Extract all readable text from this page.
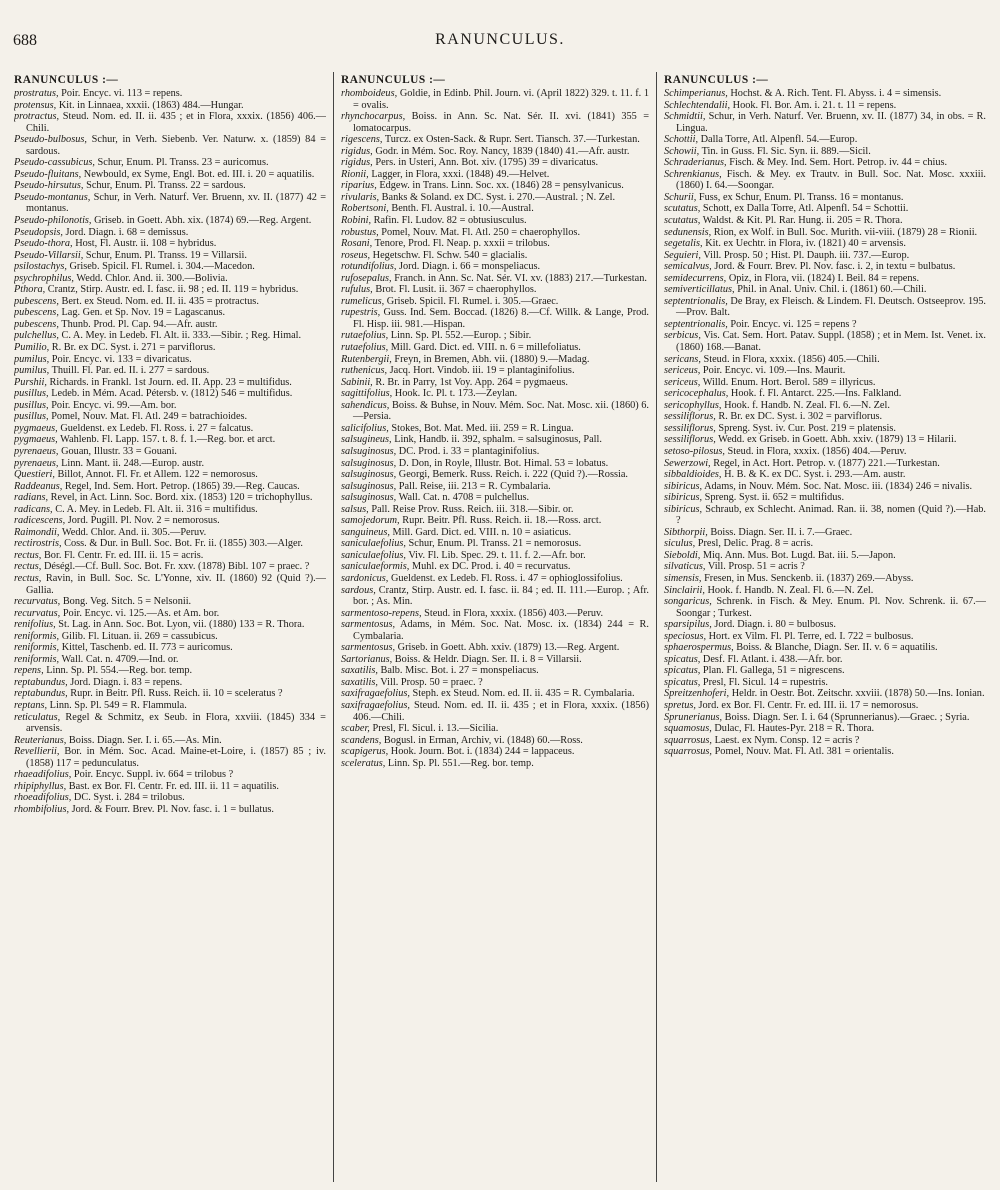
688	RANUNCULUS.
RANUNCULUS :—
prostratus, Poir. Encyc. vi. 113 = repens.
protensus, Kit. in Linnaea, xxxii. (1863) 484.—Hungar.
protractus, Steud. Nom. ed. II. ii. 435 ; et in Flora, xxxix. (1856) 406.—Chili.
Pseudo-bulbosus, Schur, in Verh. Siebenb. Ver. Naturw. x. (1859) 84 = sardous.
Pseudo-cassubicus, Schur, Enum. Pl. Transs. 23 = auricomus.
Pseudo-fluitans, Newbould, ex Syme, Engl. Bot. ed. III. i. 20 = aquatilis.
Pseudo-hirsutus, Schur, Enum. Pl. Transs. 22 = sardous.
Pseudo-montanus, Schur, in Verh. Naturf. Ver. Bruenn, xv. II. (1877) 42 = montanus.
Pseudo-philonotis, Griseb. in Goett. Abh. xix. (1874) 69.—Reg. Argent.
Pseudopsis, Jord. Diagn. i. 68 = demissus.
Pseudo-thora, Host, Fl. Austr. ii. 108 = hybridus.
Pseudo-Villarsii, Schur, Enum. Pl. Transs. 19 = Villarsii.
psilostachys, Griseb. Spicil. Fl. Rumel. i. 304.—Macedon.
psychrophilus, Wedd. Chlor. And. ii. 300.—Bolivia.
Pthora, Crantz, Stirp. Austr. ed. I. fasc. ii. 98 ; ed. II. 119 = hybridus.
pubescens, Bert. ex Steud. Nom. ed. II. ii. 435 = protractus.
pubescens, Lag. Gen. et Sp. Nov. 19 = Lagascanus.
pubescens, Thunb. Prod. Pl. Cap. 94.—Afr. austr.
pulchellus, C. A. Mey. in Ledeb. Fl. Alt. ii. 333.—Sibir. ; Reg. Himal.
Pumilio, R. Br. ex DC. Syst. i. 271 = parviflorus.
pumilus, Poir. Encyc. vi. 133 = divaricatus.
pumilus, Thuill. Fl. Par. ed. II. i. 277 = sardous.
Purshii, Richards. in Frankl. 1st Journ. ed. II. App. 23 = multifidus.
pusillus, Ledeb. in Mém. Acad. Pétersb. v. (1812) 546 = multifidus.
pusillus, Poir. Encyc. vi. 99.—Am. bor.
pusillus, Pomel, Nouv. Mat. Fl. Atl. 249 = batrachioides.
pygmaeus, Gueldenst. ex Ledeb. Fl. Ross. i. 27 = falcatus.
pygmaeus, Wahlenb. Fl. Lapp. 157. t. 8. f. 1.—Reg. bor. et arct.
pyrenaeus, Gouan, Illustr. 33 = Gouani.
pyrenaeus, Linn. Mant. ii. 248.—Europ. austr.
Questieri, Billot, Annot. Fl. Fr. et Allem. 122 = nemorosus.
Raddeanus, Regel, Ind. Sem. Hort. Petrop. (1865) 39.—Reg. Caucas.
radians, Revel, in Act. Linn. Soc. Bord. xix. (1853) 120 = trichophyllus.
radicans, C. A. Mey. in Ledeb. Fl. Alt. ii. 316 = multifidus.
radicescens, Jord. Pugill. Pl. Nov. 2 = nemorosus.
Raimondii, Wedd. Chlor. And. ii. 305.—Peruv.
rectirostris, Coss. & Dur. in Bull. Soc. Bot. Fr. ii. (1855) 303.—Alger.
rectus, Bor. Fl. Centr. Fr. ed. III. ii. 15 = acris.
rectus, Déségl.—Cf. Bull. Soc. Bot. Fr. xxv. (1878) Bibl. 107 = praec. ?
rectus, Ravin, in Bull. Soc. Sc. L'Yonne, xiv. II. (1860) 92 (Quid ?).—Gallia.
recurvatus, Bong. Veg. Sitch. 5 = Nelsonii.
recurvatus, Poir. Encyc. vi. 125.—As. et Am. bor.
renifolius, St. Lag. in Ann. Soc. Bot. Lyon, vii. (1880) 133 = R. Thora.
reniformis, Gilib. Fl. Lituan. ii. 269 = cassubicus.
reniformis, Kittel, Taschenb. ed. II. 773 = auricomus.
reniformis, Wall. Cat. n. 4709.—Ind. or.
repens, Linn. Sp. Pl. 554.—Reg. bor. temp.
reptabundus, Jord. Diagn. i. 83 = repens.
reptabundus, Rupr. in Beitr. Pfl. Russ. Reich. ii. 10 = sceleratus ?
reptans, Linn. Sp. Pl. 549 = R. Flammula.
reticulatus, Regel & Schmitz, ex Seub. in Flora, xxviii. (1845) 334 = arvensis.
Reuterianus, Boiss. Diagn. Ser. I. i. 65.—As. Min.
Revellierii, Bor. in Mém. Soc. Acad. Maine-et-Loire, i. (1857) 85 ; iv. (1858) 117 = pedunculatus.
rhaeadifolius, Poir. Encyc. Suppl. iv. 664 = trilobus ?
rhipiphyllus, Bast. ex Bor. Fl. Centr. Fr. ed. III. ii. 11 = aquatilis.
rhoeadifolius, DC. Syst. i. 284 = trilobus.
rhombifolius, Jord. & Fourr. Brev. Pl. Nov. fasc. i. 1 = bullatus.
RANUNCULUS :—
rhomboideus, Goldie, in Edinb. Phil. Journ. vi. (April 1822) 329. t. 11. f. 1 = ovalis.
rhynchocarpus, Boiss. in Ann. Sc. Nat. Sér. II. xvi. (1841) 355 = lomatocarpus.
rigescens, Turcz. ex Osten-Sack. & Rupr. Sert. Tiansch. 37.—Turkestan.
rigidus, Godr. in Mém. Soc. Roy. Nancy, 1839 (1840) 41.—Afr. austr.
rigidus, Pers. in Usteri, Ann. Bot. xiv. (1795) 39 = divaricatus.
Rionii, Lagger, in Flora, xxxi. (1848) 49.—Helvet.
riparius, Edgew. in Trans. Linn. Soc. xx. (1846) 28 = pensylvanicus.
rivularis, Banks & Soland. ex DC. Syst. i. 270.—Austral. ; N. Zel.
Robertsoni, Benth. Fl. Austral. i. 10.—Austral.
Robini, Rafin. Fl. Ludov. 82 = obtusiusculus.
robustus, Pomel, Nouv. Mat. Fl. Atl. 250 = chaerophyllos.
Rosani, Tenore, Prod. Fl. Neap. p. xxxii = trilobus.
roseus, Hegetschw. Fl. Schw. 540 = glacialis.
rotundifolius, Jord. Diagn. i. 66 = monspeliacus.
rufosepalus, Franch. in Ann. Sc. Nat. Sér. VI. xv. (1883) 217.—Turkestan.
rufulus, Brot. Fl. Lusit. ii. 367 = chaerophyllos.
rumelicus, Griseb. Spicil. Fl. Rumel. i. 305.—Graec.
rupestris, Guss. Ind. Sem. Boccad. (1826) 8.—Cf. Willk. & Lange, Prod. Fl. Hisp. iii. 981.—Hispan.
rutaefolius, Linn. Sp. Pl. 552.—Europ. ; Sibir.
rutaefolius, Mill. Gard. Dict. ed. VIII. n. 6 = millefoliatus.
Rutenbergii, Freyn, in Bremen, Abh. vii. (1880) 9.—Madag.
ruthenicus, Jacq. Hort. Vindob. iii. 19 = plantaginifolius.
Sabinii, R. Br. in Parry, 1st Voy. App. 264 = pygmaeus.
sagittifolius, Hook. Ic. Pl. t. 173.—Zeylan.
sahendicus, Boiss. & Buhse, in Nouv. Mém. Soc. Nat. Mosc. xii. (1860) 6.—Persia.
salicifolius, Stokes, Bot. Mat. Med. iii. 259 = R. Lingua.
salsugineus, Link, Handb. ii. 392, sphalm. = salsuginosus, Pall.
salsuginosus, DC. Prod. i. 33 = plantaginifolius.
salsuginosus, D. Don, in Royle, Illustr. Bot. Himal. 53 = lobatus.
salsuginosus, Georgi, Bemerk. Russ. Reich. i. 222 (Quid ?).—Rossia.
salsuginosus, Pall. Reise, iii. 213 = R. Cymbalaria.
salsuginosus, Wall. Cat. n. 4708 = pulchellus.
salsus, Pall. Reise Prov. Russ. Reich. iii. 318.—Sibir. or.
samojedorum, Rupr. Beitr. Pfl. Russ. Reich. ii. 18.—Ross. arct.
sanguineus, Mill. Gard. Dict. ed. VIII. n. 10 = asiaticus.
saniculaefolius, Schur, Enum. Pl. Transs. 21 = nemorosus.
saniculaefolius, Viv. Fl. Lib. Spec. 29. t. 11. f. 2.—Afr. bor.
saniculaeformis, Muhl. ex DC. Prod. i. 40 = recurvatus.
sardonicus, Gueldenst. ex Ledeb. Fl. Ross. i. 47 = ophioglossifolius.
sardous, Crantz, Stirp. Austr. ed. I. fasc. ii. 84 ; ed. II. 111.—Europ. ; Afr. bor. ; As. Min.
sarmentoso-repens, Steud. in Flora, xxxix. (1856) 403.—Peruv.
sarmentosus, Adams, in Mém. Soc. Nat. Mosc. ix. (1834) 244 = R. Cymbalaria.
sarmentosus, Griseb. in Goett. Abh. xxiv. (1879) 13.—Reg. Argent.
Sartorianus, Boiss. & Heldr. Diagn. Ser. II. i. 8 = Villarsii.
saxatilis, Balb. Misc. Bot. i. 27 = monspeliacus.
saxatilis, Vill. Prosp. 50 = praec. ?
saxifragaefolius, Steph. ex Steud. Nom. ed. II. ii. 435 = R. Cymbalaria.
saxifragaefolius, Steud. Nom. ed. II. ii. 435 ; et in Flora, xxxix. (1856) 406.—Chili.
scaber, Presl, Fl. Sicul. i. 13.—Sicilia.
scandens, Bogusl. in Erman, Archiv, vi. (1848) 60.—Ross.
scapigerus, Hook. Journ. Bot. i. (1834) 244 = lappaceus.
sceleratus, Linn. Sp. Pl. 551.—Reg. bor. temp.
RANUNCULUS :—
Schimperianus, Hochst. & A. Rich. Tent. Fl. Abyss. i. 4 = simensis.
Schlechtendalii, Hook. Fl. Bor. Am. i. 21. t. 11 = repens.
Schmidtii, Schur, in Verh. Naturf. Ver. Bruenn, xv. II. (1877) 34, in obs. = R. Lingua.
Schottii, Dalla Torre, Atl. Alpenfl. 54.—Europ.
Schowii, Tin. in Guss. Fl. Sic. Syn. ii. 889.—Sicil.
Schraderianus, Fisch. & Mey. Ind. Sem. Hort. Petrop. iv. 44 = chius.
Schrenkianus, Fisch. & Mey. ex Trautv. in Bull. Soc. Nat. Mosc. xxxiii. (1860) I. 64.—Soongar.
Schurii, Fuss, ex Schur, Enum. Pl. Transs. 16 = montanus.
scutatus, Schott, ex Dalla Torre, Atl. Alpenfl. 54 = Schottii.
scutatus, Waldst. & Kit. Pl. Rar. Hung. ii. 205 = R. Thora.
sedunensis, Rion, ex Wolf. in Bull. Soc. Murith. vii-viii. (1879) 28 = Rionii.
segetalis, Kit. ex Uechtr. in Flora, iv. (1821) 40 = arvensis.
Seguieri, Vill. Prosp. 50 ; Hist. Pl. Dauph. iii. 737.—Europ.
semicalvus, Jord. & Fourr. Brev. Pl. Nov. fasc. i. 2, in textu = bulbatus.
semidecurrens, Opiz, in Flora, vii. (1824) I. Beil. 84 = repens.
semiverticillatus, Phil. in Anal. Univ. Chil. i. (1861) 60.—Chili.
septentrionalis, De Bray, ex Fleisch. & Lindem. Fl. Deutsch. Ostseeprov. 195.—Prov. Balt.
septentrionalis, Poir. Encyc. vi. 125 = repens ?
serbicus, Vis. Cat. Sem. Hort. Patav. Suppl. (1858) ; et in Mem. Ist. Venet. ix. (1860) 168.—Banat.
sericans, Steud. in Flora, xxxix. (1856) 405.—Chili.
sericeus, Poir. Encyc. vi. 109.—Ins. Maurit.
sericeus, Willd. Enum. Hort. Berol. 589 = illyricus.
sericocephalus, Hook. f. Fl. Antarct. 225.—Ins. Falkland.
sericophyllus, Hook. f. Handb. N. Zeal. Fl. 6.—N. Zel.
sessiliflorus, R. Br. ex DC. Syst. i. 302 = parviflorus.
sessiliflorus, Spreng. Syst. iv. Cur. Post. 219 = platensis.
sessiliflorus, Wedd. ex Griseb. in Goett. Abh. xxiv. (1879) 13 = Hilarii.
setoso-pilosus, Steud. in Flora, xxxix. (1856) 404.—Peruv.
Sewerzowi, Regel, in Act. Hort. Petrop. v. (1877) 221.—Turkestan.
sibbaldioides, H. B. & K. ex DC. Syst. i. 293.—Am. austr.
sibiricus, Adams, in Nouv. Mém. Soc. Nat. Mosc. iii. (1834) 246 = nivalis.
sibiricus, Spreng. Syst. ii. 652 = multifidus.
sibiricus, Schraub, ex Schlecht. Animad. Ran. ii. 38, nomen (Quid ?).—Hab. ?
Sibthorpii, Boiss. Diagn. Ser. II. i. 7.—Graec.
siculus, Presl, Delic. Prag. 8 = acris.
Sieboldi, Miq. Ann. Mus. Bot. Lugd. Bat. iii. 5.—Japon.
silvaticus, Vill. Prosp. 51 = acris ?
simensis, Fresen, in Mus. Senckenb. ii. (1837) 269.—Abyss.
Sinclairii, Hook. f. Handb. N. Zeal. Fl. 6.—N. Zel.
songaricus, Schrenk. in Fisch. & Mey. Enum. Pl. Nov. Schrenk. ii. 67.—Soongar ; Turkest.
sparsipilus, Jord. Diagn. i. 80 = bulbosus.
speciosus, Hort. ex Vilm. Fl. Pl. Terre, ed. I. 722 = bulbosus.
sphaerospermus, Boiss. & Blanche, Diagn. Ser. II. v. 6 = aquatilis.
spicatus, Desf. Fl. Atlant. i. 438.—Afr. bor.
spicatus, Plan. Fl. Gallega, 51 = nigrescens.
spicatus, Presl, Fl. Sicul. 14 = rupestris.
Spreitzenhoferi, Heldr. in Oestr. Bot. Zeitschr. xxviii. (1878) 50.—Ins. Ionian.
spretus, Jord. ex Bor. Fl. Centr. Fr. ed. III. ii. 17 = nemorosus.
Sprunerianus, Boiss. Diagn. Ser. I. i. 64 (Sprunnerianus).—Graec. ; Syria.
squamosus, Dulac, Fl. Hautes-Pyr. 218 = R. Thora.
squarrosus, Laest. ex Nym. Consp. 12 = acris ?
squarrosus, Pomel, Nouv. Mat. Fl. Atl. 381 = orientalis.
